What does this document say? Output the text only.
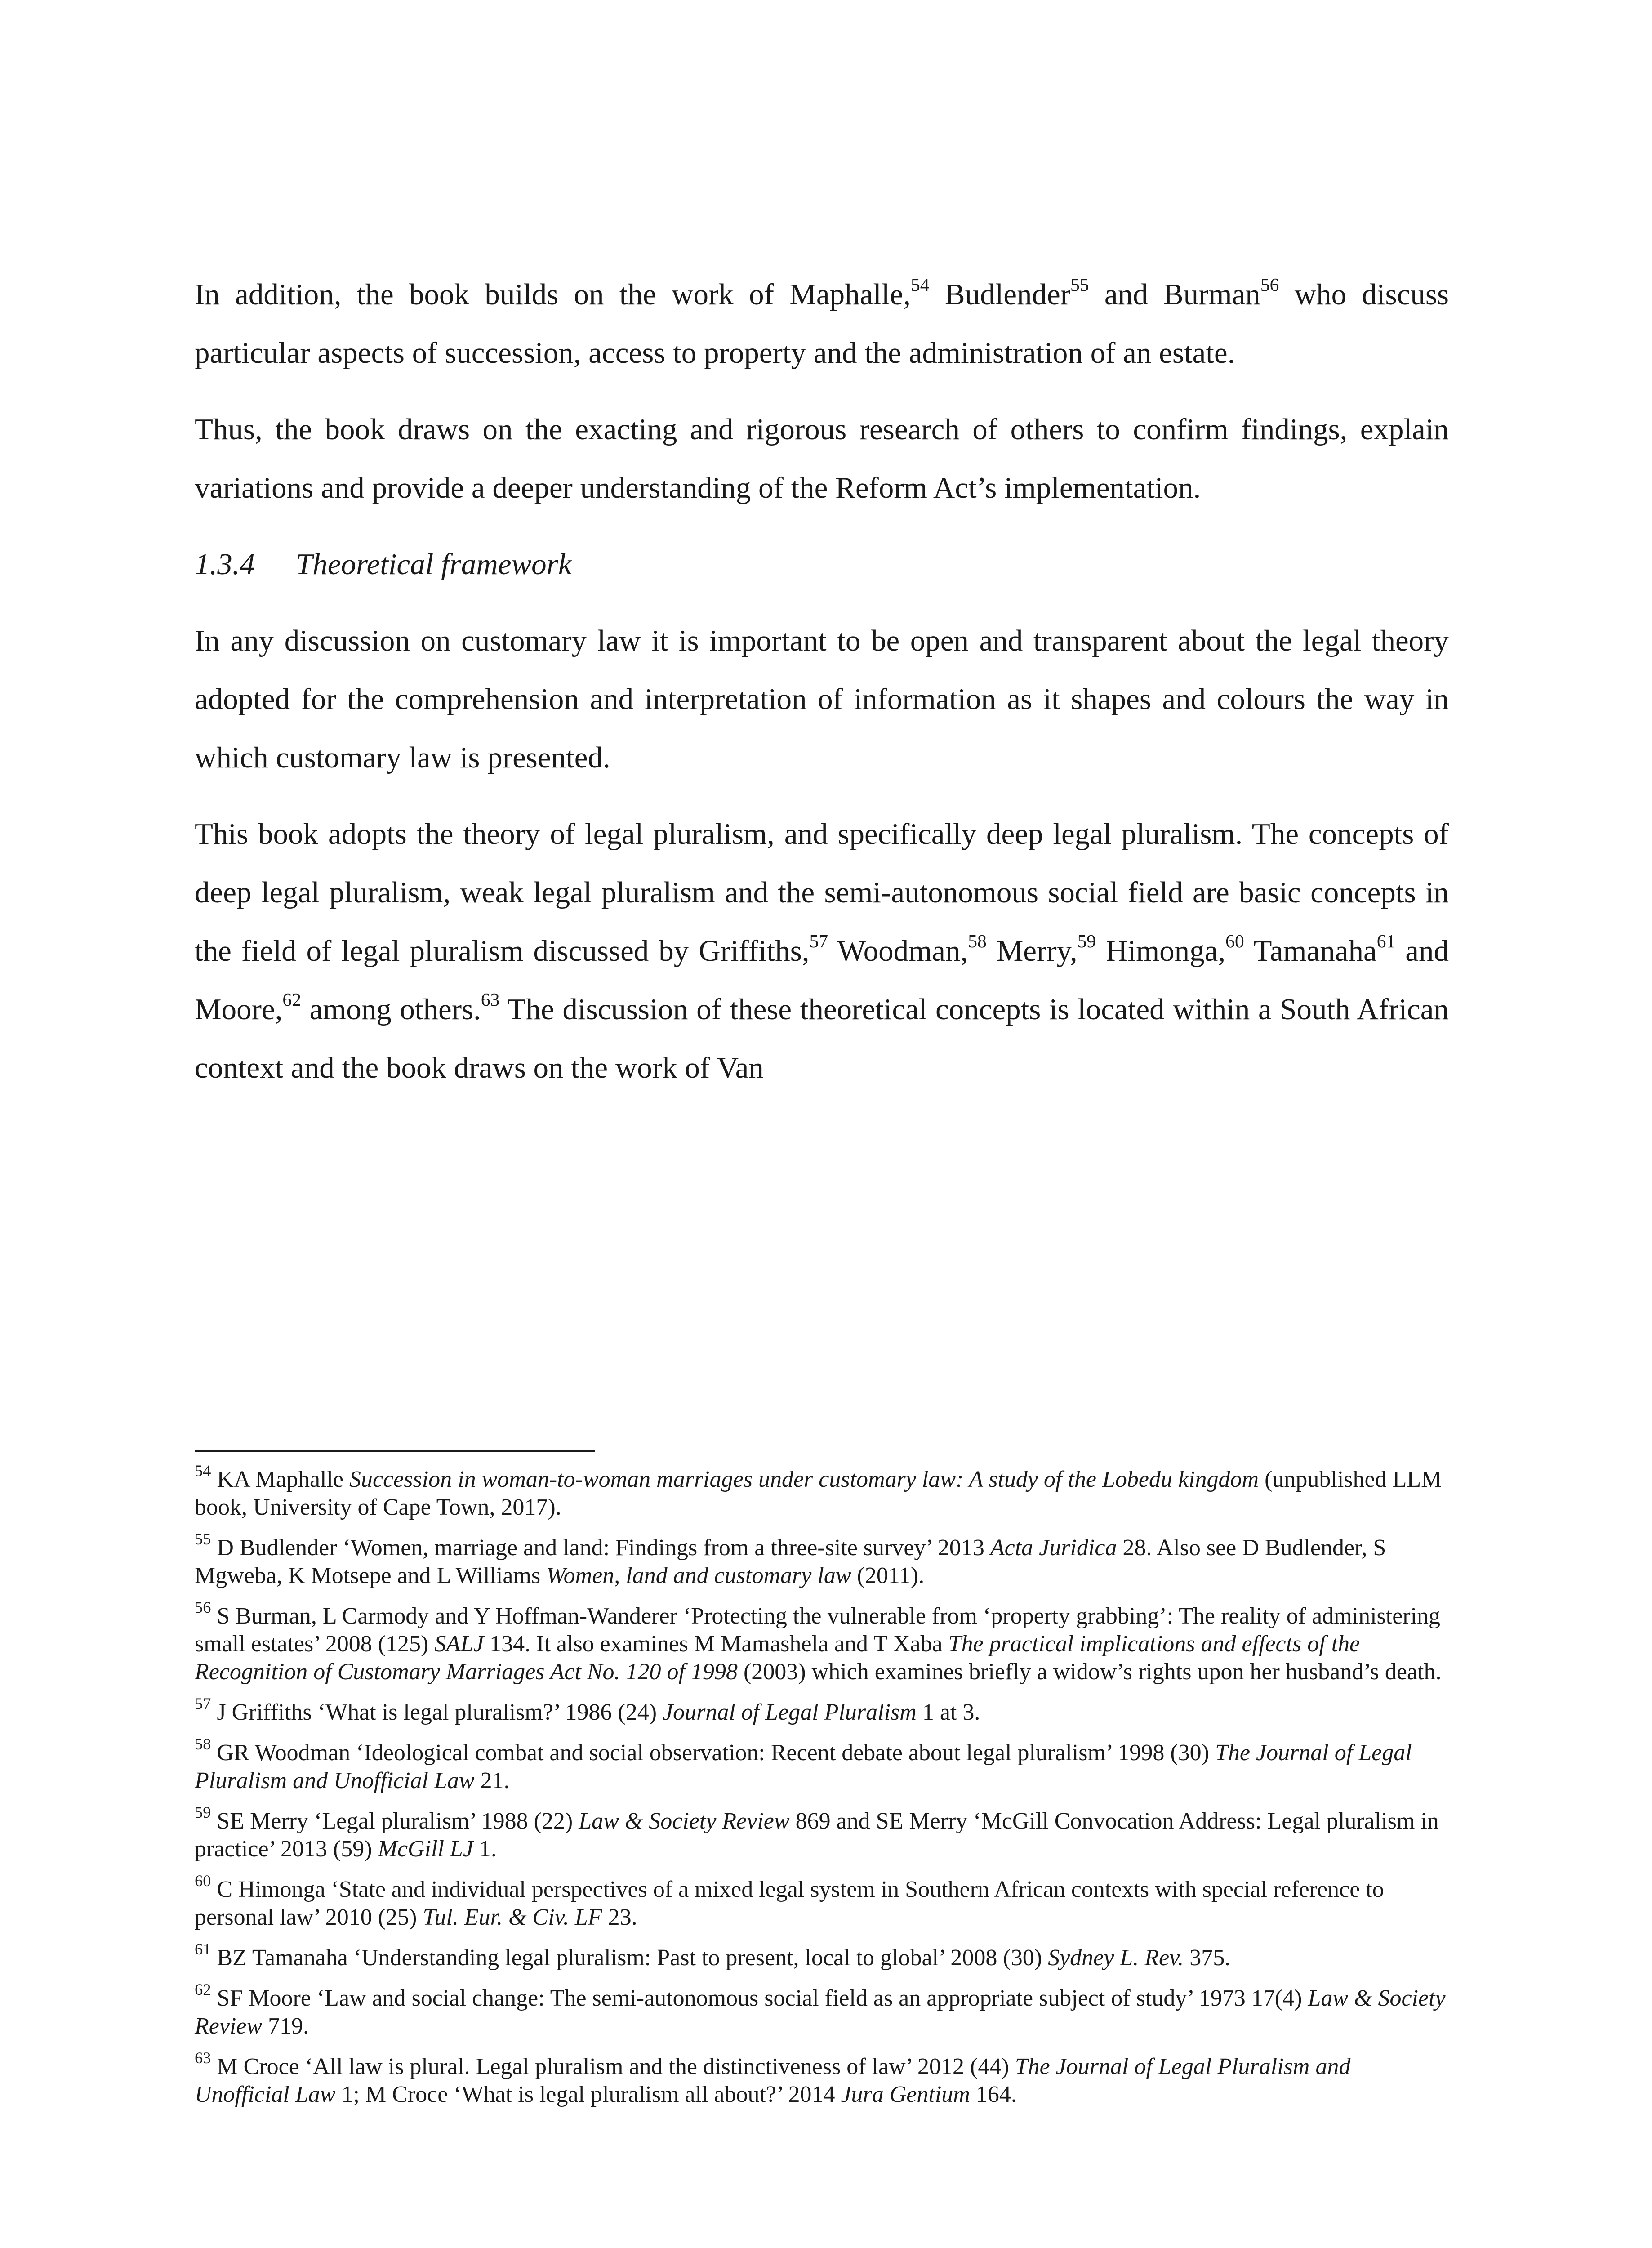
In addition, the book builds on the work of Maphalle,$^{54}$ Budlender$^{55}$ and Burman$^{56}$ who discuss particular aspects of succession, access to property and the administration of an estate.

Thus, the book draws on the exacting and rigorous research of others to confirm findings, explain variations and provide a deeper understanding of the Reform Act’s implementation.

1.3.4 Theoretical framework

In any discussion on customary law it is important to be open and transparent about the legal theory adopted for the comprehension and interpretation of information as it shapes and colours the way in which customary law is presented.

This book adopts the theory of legal pluralism, and specifically deep legal pluralism. The concepts of deep legal pluralism, weak legal pluralism and the semi-autonomous social field are basic concepts in the field of legal pluralism discussed by Griffiths,$^{57}$ Woodman,$^{58}$ Merry,$^{59}$ Himonga,$^{60}$ Tamanaha$^{61}$ and Moore,$^{62}$ among others.$^{63}$ The discussion of these theoretical concepts is located within a South African context and the book draws on the work of Van

$^{54}$ KA Maphalle Succession in woman-to-woman marriages under customary law: A study of the Lobedu kingdom (unpublished LLM book, University of Cape Town, 2017).

$^{55}$ D Budlender ‘Women, marriage and land: Findings from a three-site survey’ 2013 Acta Juridica 28. Also see D Budlender, S Mgweba, K Motsepe and L Williams Women, land and customary law (2011).

$^{56}$ S Burman, L Carmody and Y Hoffman-Wanderer ‘Protecting the vulnerable from ‘property grabbing’: The reality of administering small estates’ 2008 (125) SALJ 134. It also examines M Mamashela and T Xaba The practical implications and effects of the Recognition of Customary Marriages Act No. 120 of 1998 (2003) which examines briefly a widow’s rights upon her husband’s death.

$^{57}$ J Griffiths ‘What is legal pluralism?’ 1986 (24) Journal of Legal Pluralism 1 at 3.

$^{58}$ GR Woodman ‘Ideological combat and social observation: Recent debate about legal pluralism’ 1998 (30) The Journal of Legal Pluralism and Unofficial Law 21.

$^{59}$ SE Merry ‘Legal pluralism’ 1988 (22) Law & Society Review 869 and SE Merry ‘McGill Convocation Address: Legal pluralism in practice’ 2013 (59) McGill LJ 1.

$^{60}$ C Himonga ‘State and individual perspectives of a mixed legal system in Southern African contexts with special reference to personal law’ 2010 (25) Tul. Eur. & Civ. LF 23.

$^{61}$ BZ Tamanaha ‘Understanding legal pluralism: Past to present, local to global’ 2008 (30) Sydney L. Rev. 375.

$^{62}$ SF Moore ‘Law and social change: The semi-autonomous social field as an appropriate subject of study’ 1973 17(4) Law & Society Review 719.

$^{63}$ M Croce ‘All law is plural. Legal pluralism and the distinctiveness of law’ 2012 (44) The Journal of Legal Pluralism and Unofficial Law 1; M Croce ‘What is legal pluralism all about?’ 2014 Jura Gentium 164.
